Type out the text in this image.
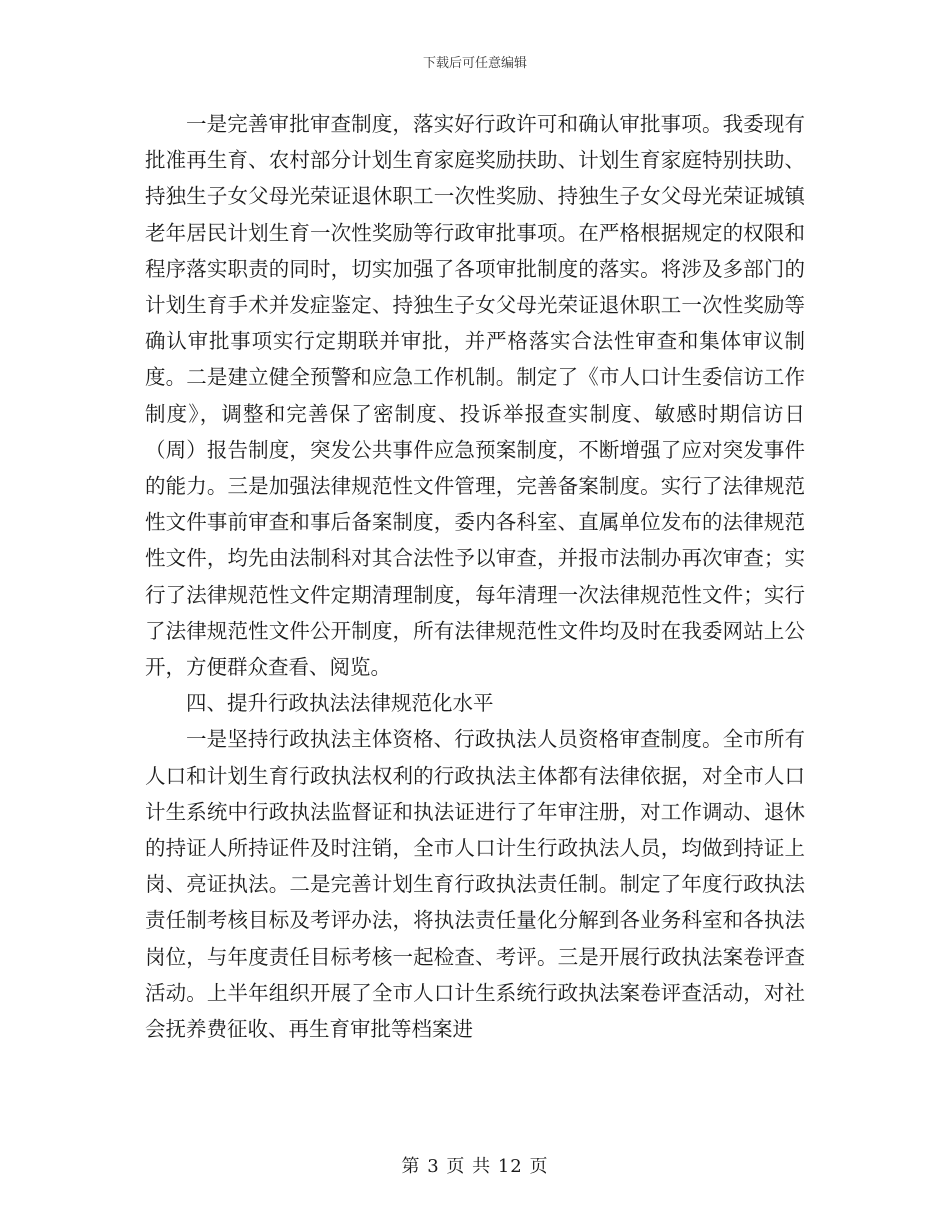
下载后可任意编辑

一是完善审批审查制度，落实好行政许可和确认审批事项。我委现有批准再生育、农村部分计划生育家庭奖励扶助、计划生育家庭特别扶助、持独生子女父母光荣证退休职工一次性奖励、持独生子女父母光荣证城镇老年居民计划生育一次性奖励等行政审批事项。在严格根据规定的权限和程序落实职责的同时，切实加强了各项审批制度的落实。将涉及多部门的计划生育手术并发症鉴定、持独生子女父母光荣证退休职工一次性奖励等确认审批事项实行定期联并审批，并严格落实合法性审查和集体审议制度。二是建立健全预警和应急工作机制。制定了《市人口计生委信访工作制度》，调整和完善保了密制度、投诉举报查实制度、敏感时期信访日（周）报告制度，突发公共事件应急预案制度，不断增强了应对突发事件的能力。三是加强法律规范性文件管理，完善备案制度。实行了法律规范性文件事前审查和事后备案制度，委内各科室、直属单位发布的法律规范性文件，均先由法制科对其合法性予以审查，并报市法制办再次审查；实行了法律规范性文件定期清理制度，每年清理一次法律规范性文件；实行了法律规范性文件公开制度，所有法律规范性文件均及时在我委网站上公开，方便群众查看、阅览。

四、提升行政执法法律规范化水平

一是坚持行政执法主体资格、行政执法人员资格审查制度。全市所有人口和计划生育行政执法权利的行政执法主体都有法律依据，对全市人口计生系统中行政执法监督证和执法证进行了年审注册，对工作调动、退休的持证人所持证件及时注销，全市人口计生行政执法人员，均做到持证上岗、亮证执法。二是完善计划生育行政执法责任制。制定了年度行政执法责任制考核目标及考评办法，将执法责任量化分解到各业务科室和各执法岗位，与年度责任目标考核一起检查、考评。三是开展行政执法案卷评查活动。上半年组织开展了全市人口计生系统行政执法案卷评查活动，对社会抚养费征收、再生育审批等档案进

第 3 页 共 12 页
